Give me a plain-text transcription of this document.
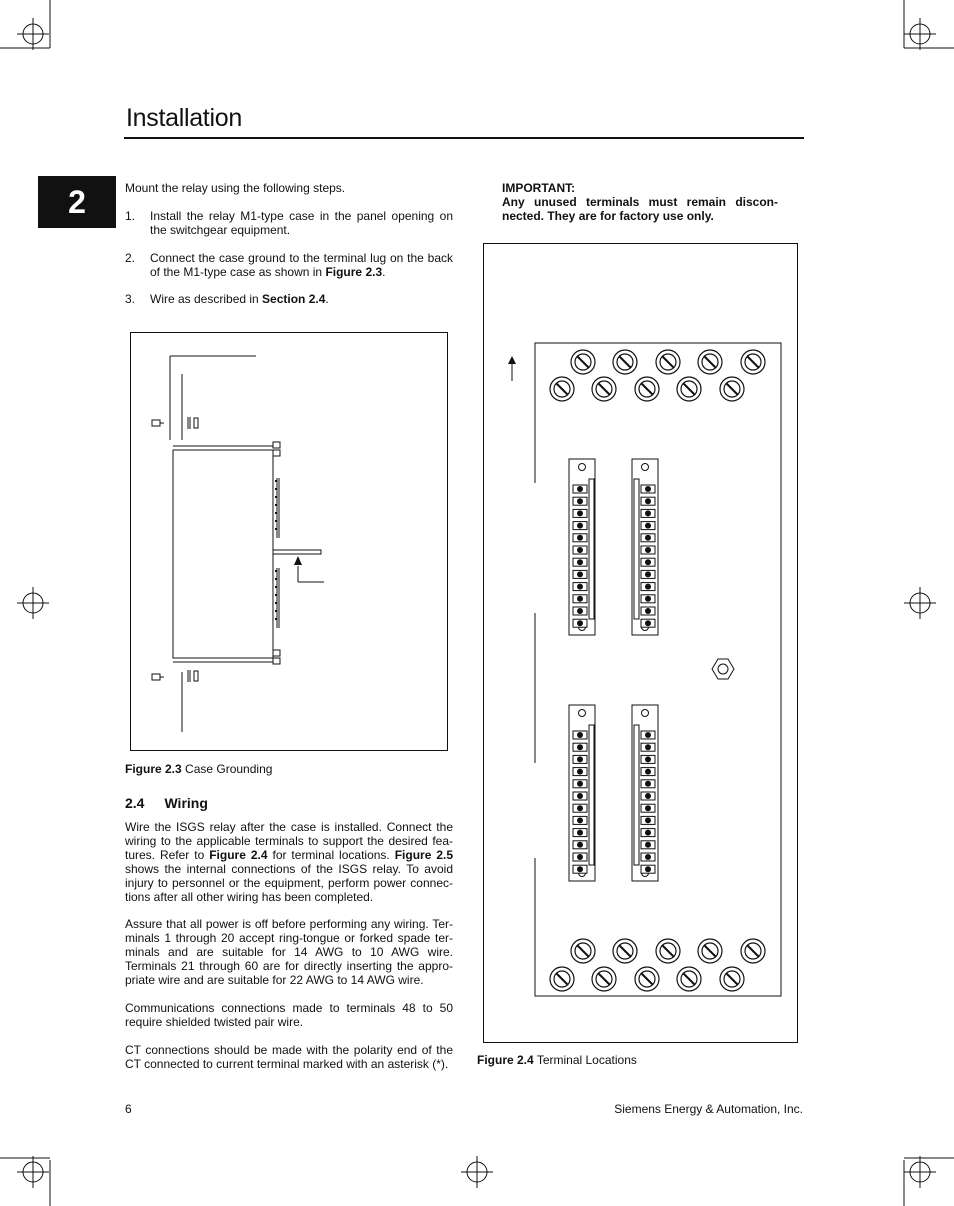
Installation
2	Mount the relay using the following steps.
1. Install the relay M1-type case in the panel opening on the switchgear equipment.
2. Connect the case ground to the terminal lug on the back of the M1-type case as shown in Figure 2.3.
3. Wire as described in Section 2.4.
Figure 2.3 Case Grounding
2.4 Wiring
Wire the ISGS relay after the case is installed. Connect the wiring to the applicable terminals to support the desired fea-tures. Refer to Figure 2.4 for terminal locations. Figure 2.5 shows the internal connections of the ISGS relay. To avoid injury to personnel or the equipment, perform power connec-tions after all other wiring has been completed.
Assure that all power is off before performing any wiring. Ter-minals 1 through 20 accept ring-tongue or forked spade ter-minals and are suitable for 14 AWG to 10 AWG wire. Terminals 21 through 60 are for directly inserting the appro-priate wire and are suitable for 22 AWG to 14 AWG wire.
Communications connections made to terminals 48 to 50 require shielded twisted pair wire.
CT connections should be made with the polarity end of the CT connected to current terminal marked with an asterisk (*).
IMPORTANT:
Any unused terminals must remain discon-nected. They are for factory use only.
Figure 2.4 Terminal Locations
6	Siemens Energy & Automation, Inc.
